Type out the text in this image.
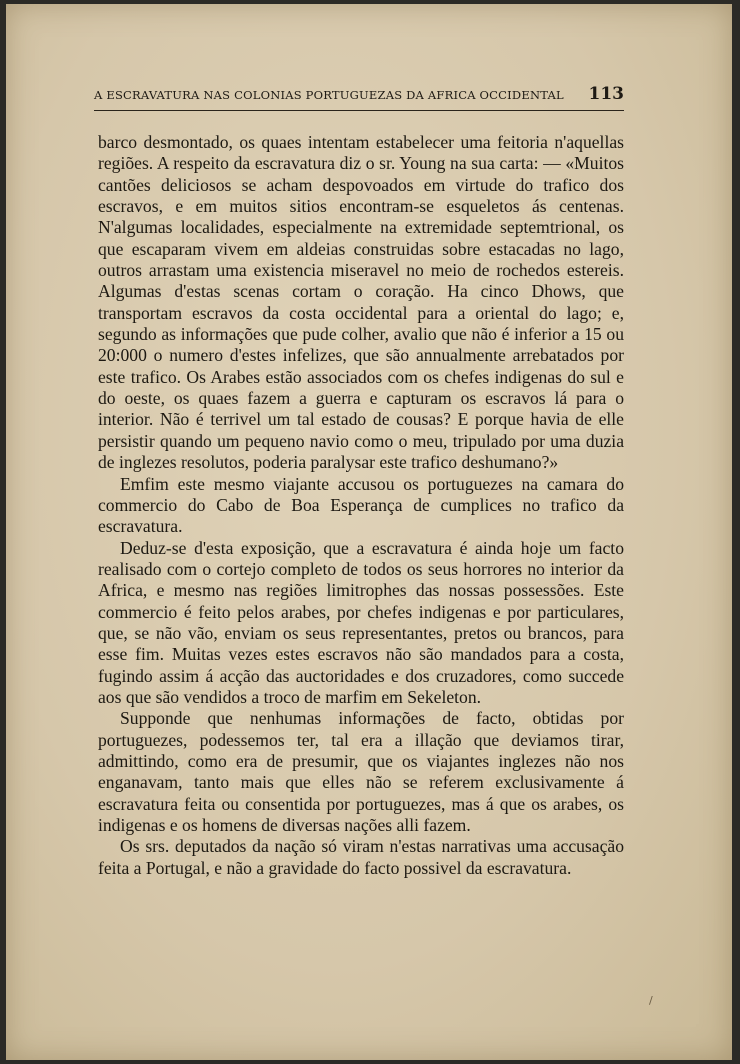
A ESCRAVATURA NAS COLONIAS PORTUGUEZAS DA AFRICA OCCIDENTAL 113

barco desmontado, os quaes intentam estabelecer uma feitoria n'aquellas regiões. A respeito da escravatura diz o sr. Young na sua carta: — «Muitos cantões deliciosos se acham despovoados em virtude do trafico dos escravos, e em muitos sitios encontram-se esqueletos ás centenas. N'algumas localidades, especialmente na extremidade septemtrional, os que escaparam vivem em aldeias construidas sobre estacadas no lago, outros arrastam uma existencia miseravel no meio de rochedos estereis. Algumas d'estas scenas cortam o coração. Ha cinco Dhows, que transportam escravos da costa occidental para a oriental do lago; e, segundo as informações que pude colher, avalio que não é inferior a 15 ou 20:000 o numero d'estes infelizes, que são annualmente arrebatados por este trafico. Os Arabes estão associados com os chefes indigenas do sul e do oeste, os quaes fazem a guerra e capturam os escravos lá para o interior. Não é terrivel um tal estado de cousas? E porque havia de elle persistir quando um pequeno navio como o meu, tripulado por uma duzia de inglezes resolutos, poderia paralysar este trafico deshumano?»

Emfim este mesmo viajante accusou os portuguezes na camara do commercio do Cabo de Boa Esperança de cumplices no trafico da escravatura.

Deduz-se d'esta exposição, que a escravatura é ainda hoje um facto realisado com o cortejo completo de todos os seus horrores no interior da Africa, e mesmo nas regiões limitrophes das nossas possessões. Este commercio é feito pelos arabes, por chefes indigenas e por particulares, que, se não vão, enviam os seus representantes, pretos ou brancos, para esse fim. Muitas vezes estes escravos não são mandados para a costa, fugindo assim á acção das auctoridades e dos cruzadores, como succede aos que são vendidos a troco de marfim em Sekeleton.

Supponde que nenhumas informações de facto, obtidas por portuguezes, podessemos ter, tal era a illação que deviamos tirar, admittindo, como era de presumir, que os viajantes inglezes não nos enganavam, tanto mais que elles não se referem exclusivamente á escravatura feita ou consentida por portuguezes, mas á que os arabes, os indigenas e os homens de diversas nações alli fazem.

Os srs. deputados da nação só viram n'estas narrativas uma accusação feita a Portugal, e não a gravidade do facto possivel da escravatura.

/
